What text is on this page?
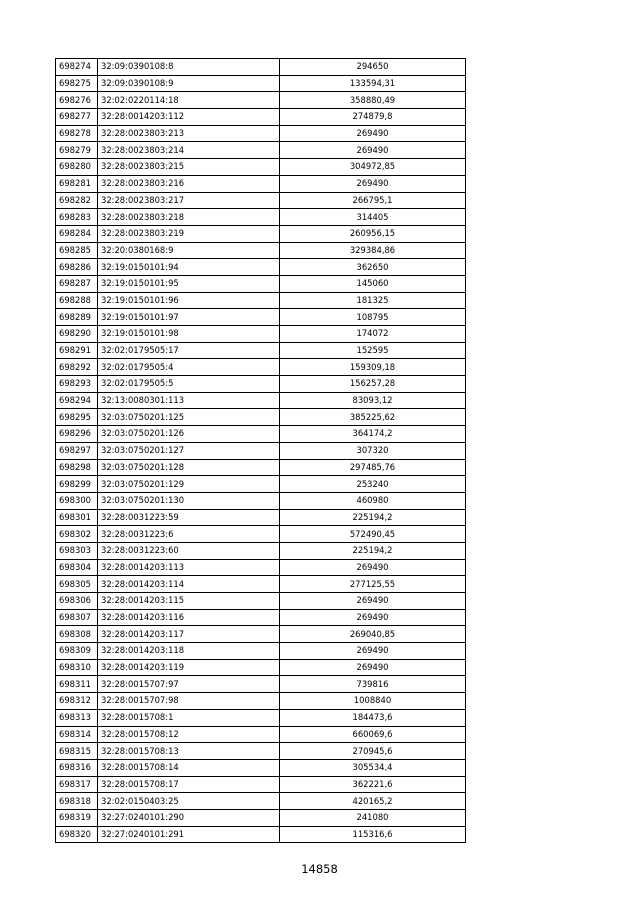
698274	32:09:0390108:8	294650
698275	32:09:0390108:9	133594,31
698276	32:02:0220114:18	358880,49
698277	32:28:0014203:112	274879,8
698278	32:28:0023803:213	269490
698279	32:28:0023803:214	269490
698280	32:28:0023803:215	304972,85
698281	32:28:0023803:216	269490
698282	32:28:0023803:217	266795,1
698283	32:28:0023803:218	314405
698284	32:28:0023803:219	260956,15
698285	32:20:0380168:9	329384,86
698286	32:19:0150101:94	362650
698287	32:19:0150101:95	145060
698288	32:19:0150101:96	181325
698289	32:19:0150101:97	108795
698290	32:19:0150101:98	174072
698291	32:02:0179505:17	152595
698292	32:02:0179505:4	159309,18
698293	32:02:0179505:5	156257,28
698294	32:13:0080301:113	83093,12
698295	32:03:0750201:125	385225,62
698296	32:03:0750201:126	364174,2
698297	32:03:0750201:127	307320
698298	32:03:0750201:128	297485,76
698299	32:03:0750201:129	253240
698300	32:03:0750201:130	460980
698301	32:28:0031223:59	225194,2
698302	32:28:0031223:6	572490,45
698303	32:28:0031223:60	225194,2
698304	32:28:0014203:113	269490
698305	32:28:0014203:114	277125,55
698306	32:28:0014203:115	269490
698307	32:28:0014203:116	269490
698308	32:28:0014203:117	269040,85
698309	32:28:0014203:118	269490
698310	32:28:0014203:119	269490
698311	32:28:0015707:97	739816
698312	32:28:0015707:98	1008840
698313	32:28:0015708:1	184473,6
698314	32:28:0015708:12	660069,6
698315	32:28:0015708:13	270945,6
698316	32:28:0015708:14	305534,4
698317	32:28:0015708:17	362221,6
698318	32:02:0150403:25	420165,2
698319	32:27:0240101:290	241080
698320	32:27:0240101:291	115316,6
14858
